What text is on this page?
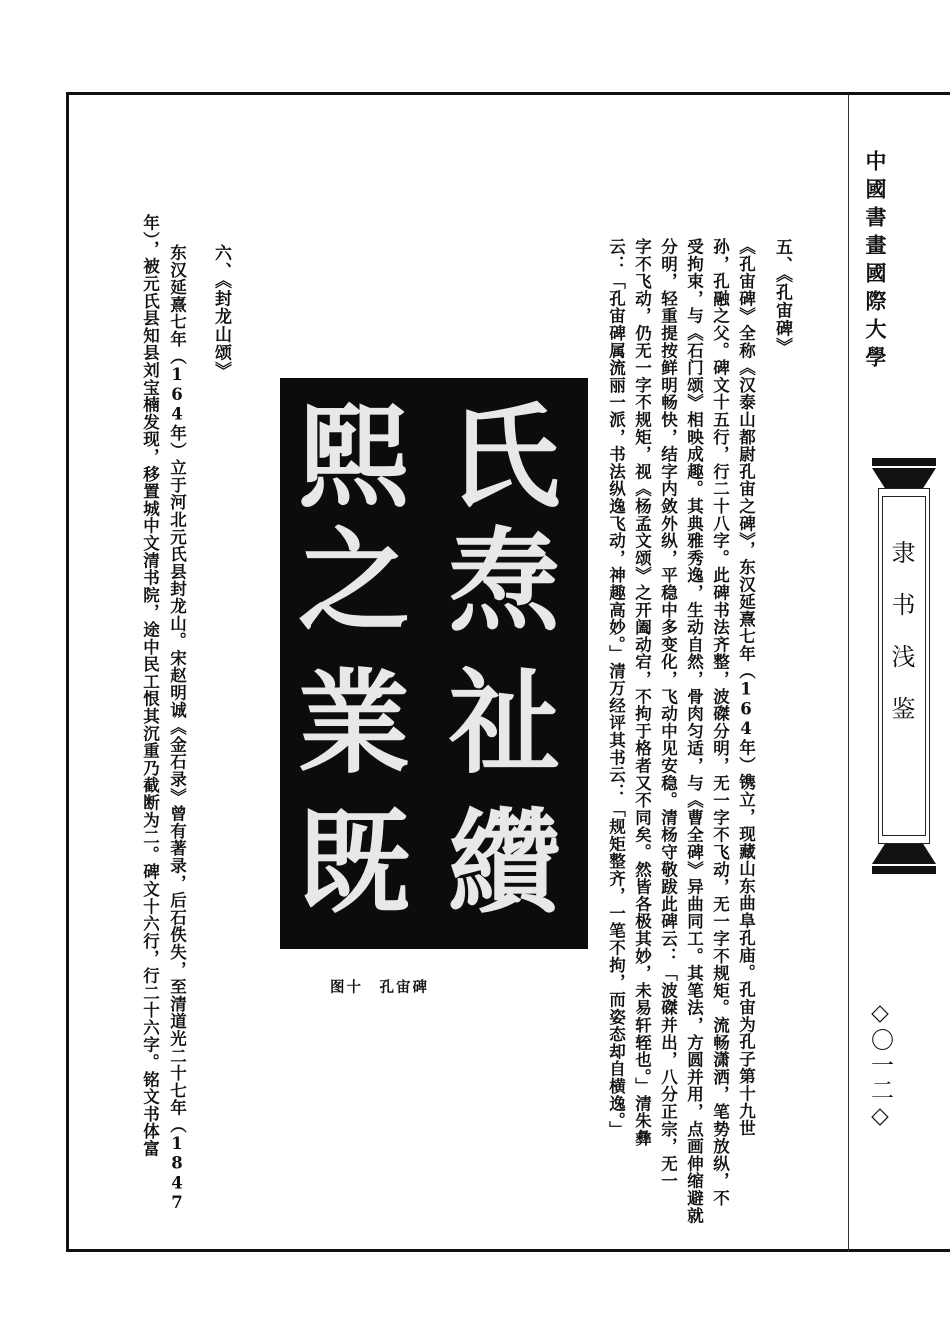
中國書畫國際大學
隶书浅鉴
◇〇一二◇
五、《孔宙碑》
《孔宙碑》全称《汉泰山都尉孔宙之碑》，东汉延熹七年（164年）镌立，现藏山东曲阜孔庙。孔宙为孔子第十九世
孙，孔融之父。碑文十五行，行二十八字。此碑书法齐整，波磔分明，无一字不飞动，无一字不规矩。流畅潇洒，笔势放纵，不
受拘束，与《石门颂》相映成趣。其典雅秀逸，生动自然，骨肉匀适，与《曹全碑》异曲同工。其笔法，方圆并用，点画伸缩避就
分明，轻重提按鲜明畅快，结字内敛外纵，平稳中多变化，飞动中见安稳。清杨守敬跋此碑云：「波磔并出，八分正宗，无一
字不飞动，仍无一字不规矩，视《杨孟文颂》之开阖动宕，不拘于格者又不同矣。然皆各极其妙，未易轩轾也。」清朱彝
云：「孔宙碑属流丽一派，书法纵逸飞动，神趣高妙。」清万经评其书云：「规矩整齐，一笔不拘，而姿态却自横逸。」
氏
焘
祉
纘
熙
之
業
既
图十　孔宙碑
六、《封龙山颂》
东汉延熹七年（164年）立于河北元氏县封龙山。宋赵明诚《金石录》曾有著录，后石佚失，至清道光二十七年（1847
年），被元氏县知县刘宝楠发现，移置城中文清书院，途中民工恨其沉重乃截断为二。碑文十六行，行二十六字。铭文书体富
